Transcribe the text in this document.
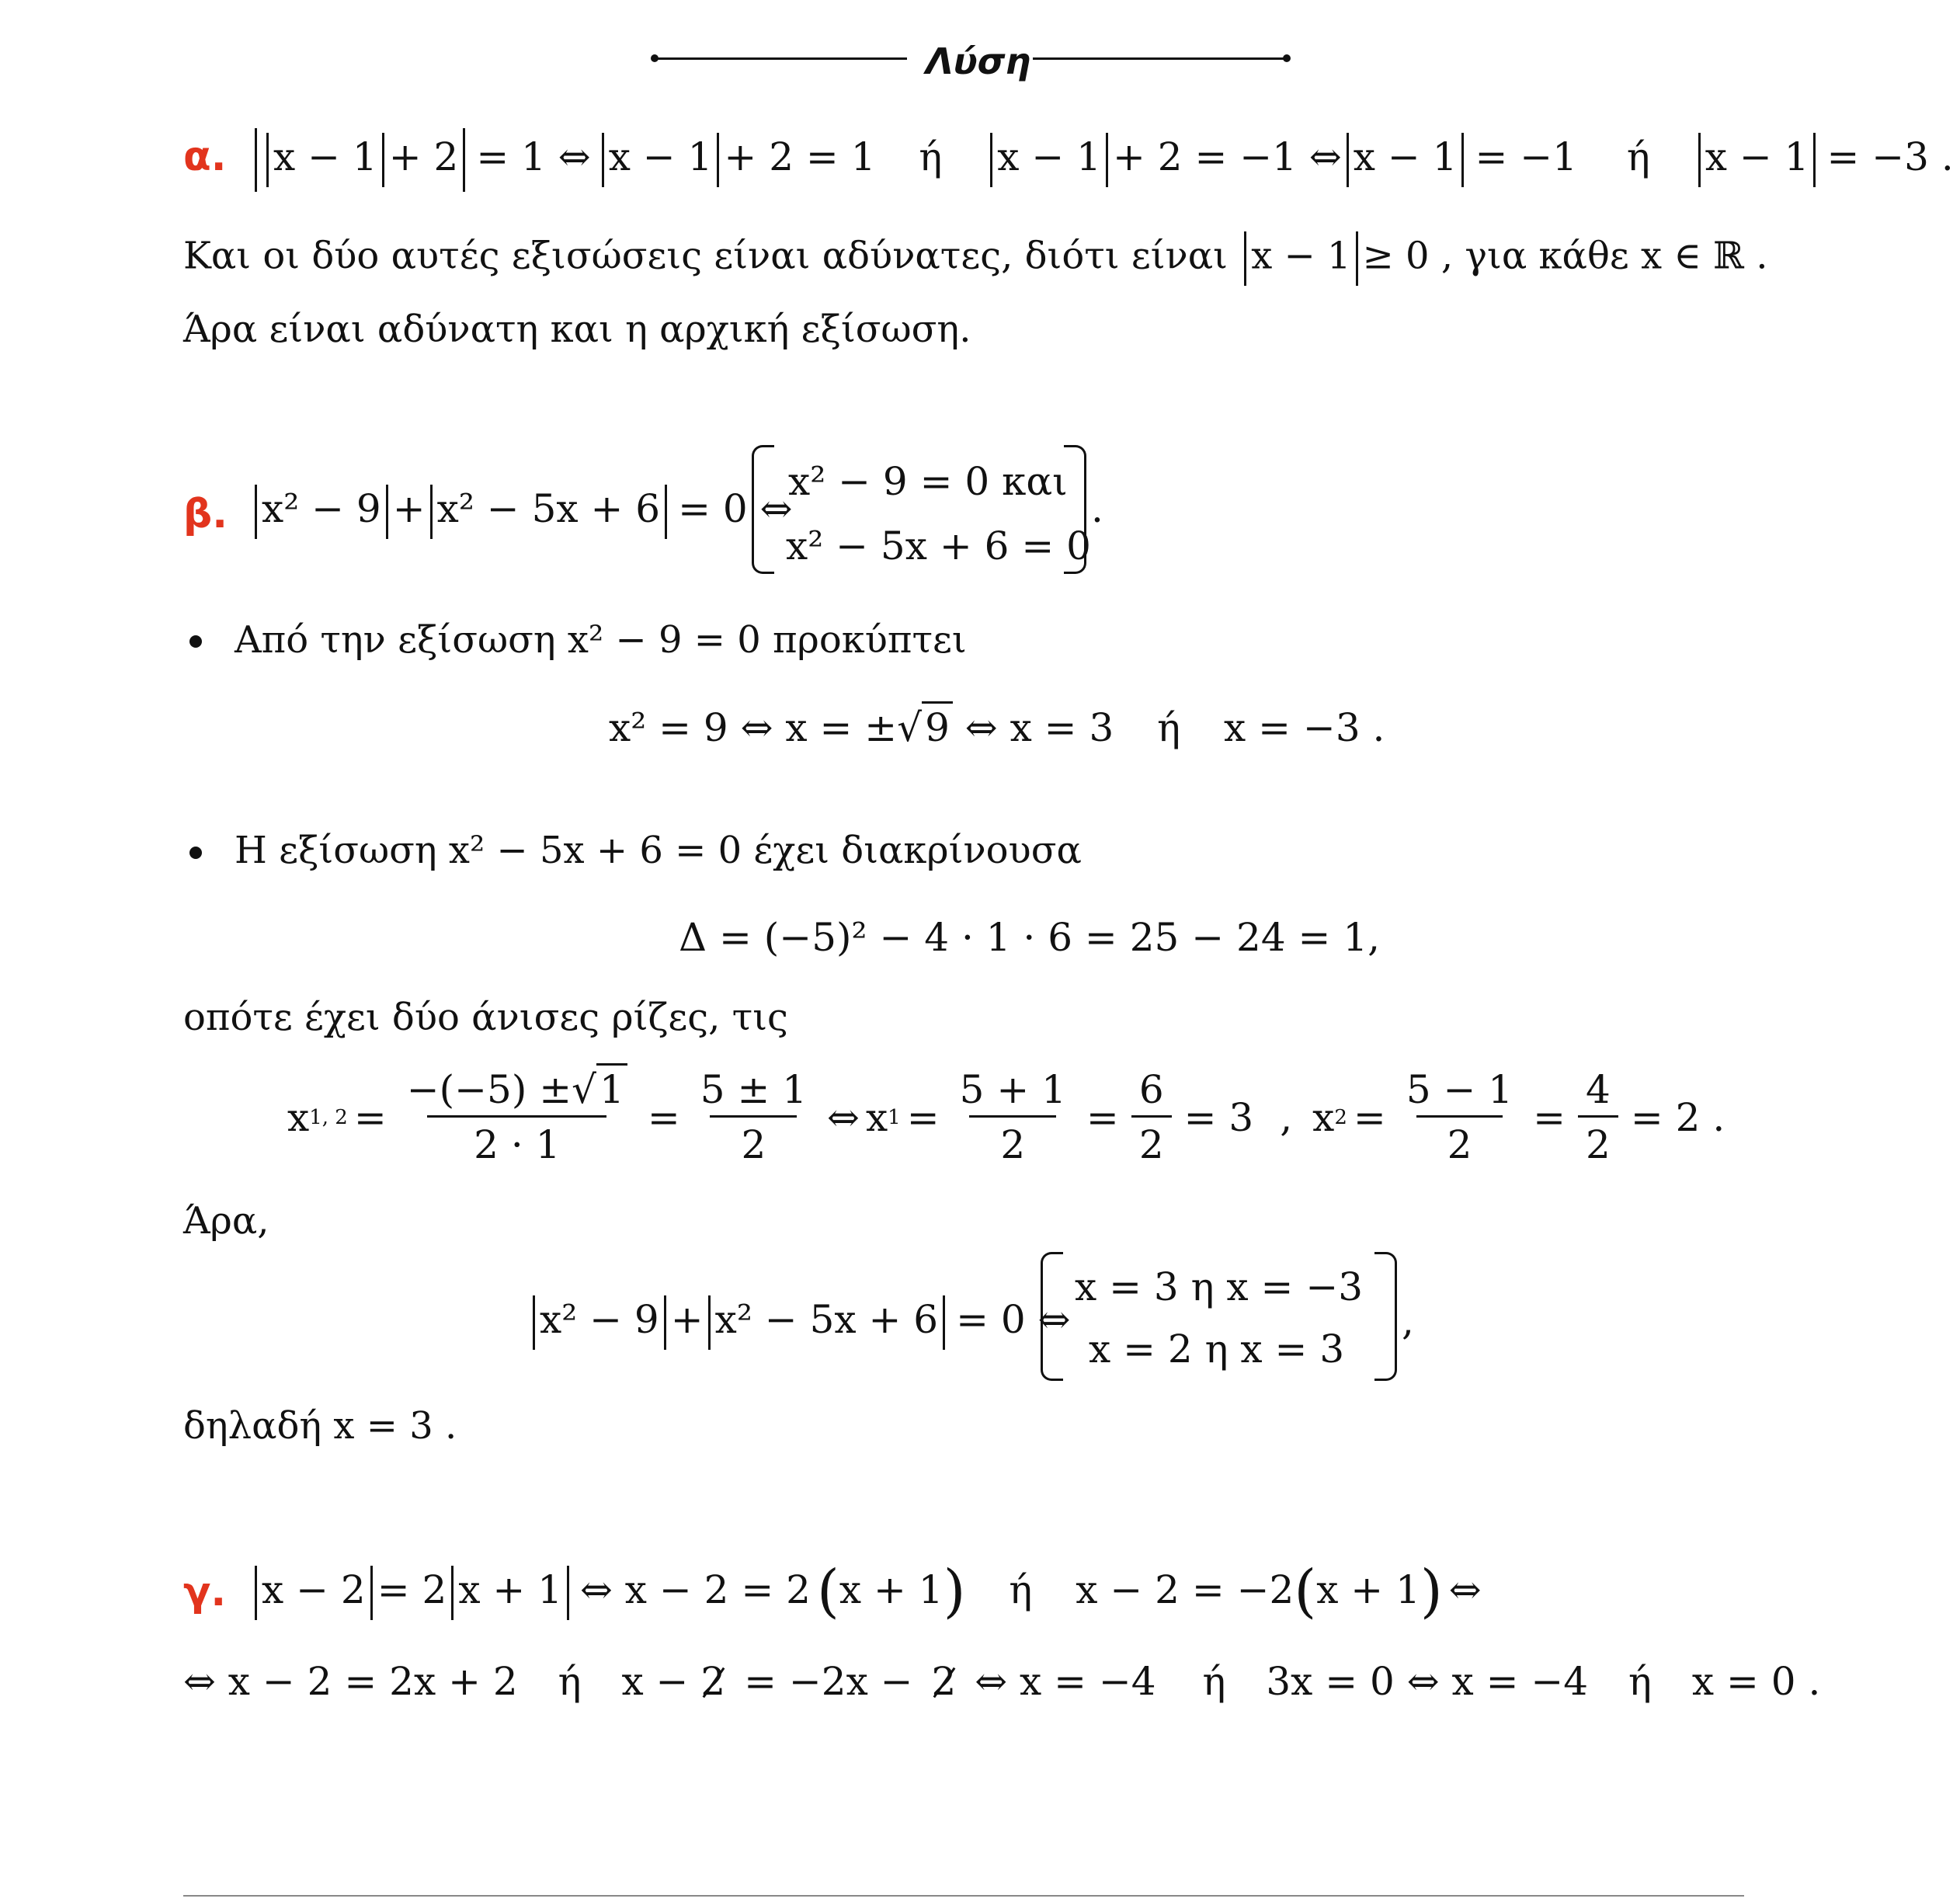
Λύση
α.	x − 1 + 2 = 1 ⇔ x − 1 + 2 = 1 ή x − 1 + 2 = −1 ⇔ x − 1 = −1 ή x − 1 = −3 .
Και οι δύο αυτές εξισώσεις είναι αδύνατες, διότι είναι x − 1 ≥ 0 , για κάθε x ∈ ℝ .
Άρα είναι αδύνατη και η αρχική εξίσωση.
β. x² − 9 + x² − 5x + 6 = 0 ⇔
x² − 9 = 0 και
x² − 5x + 6 = 0
.
Από την εξίσωση x² − 9 = 0 προκύπτει
x² = 9 ⇔ x = ±√9 ⇔ x = 3 ή x = −3 .
Η εξίσωση x² − 5x + 6 = 0 έχει διακρίνουσα
Δ = (−5)² − 4 · 1 · 6 = 25 − 24 = 1,
οπότε έχει δύο άνισες ρίζες, τις
x 1, $2 = \frac{-(-5) \pm√1}{2 \cdot 1} = \frac{5 \pm 1}{2}$ ⇔ x $1 = \frac{5 + 1}{2} = \frac{6}{2} = 3$ , x $2 = \frac{5 - 1}{2} = \frac{4}{2} = 2$ .
Άρα,
x² − 9 + x² − 5x + 6 = 0 ⇔
x = 3 η x = −3
x = 2 η x = 3
,
δηλαδή x = 3 .
γ. x − 2 = 2 x + 1 ⇔ x − 2 = 2 (x + 1) ή x − 2 = −2(x + 1) ⇔
⇔ x − 2 = 2x + 2 ή x − 2 = −2x − 2 ⇔ x = −4 ή 3x = 0 ⇔ x = −4 ή x = 0 .
